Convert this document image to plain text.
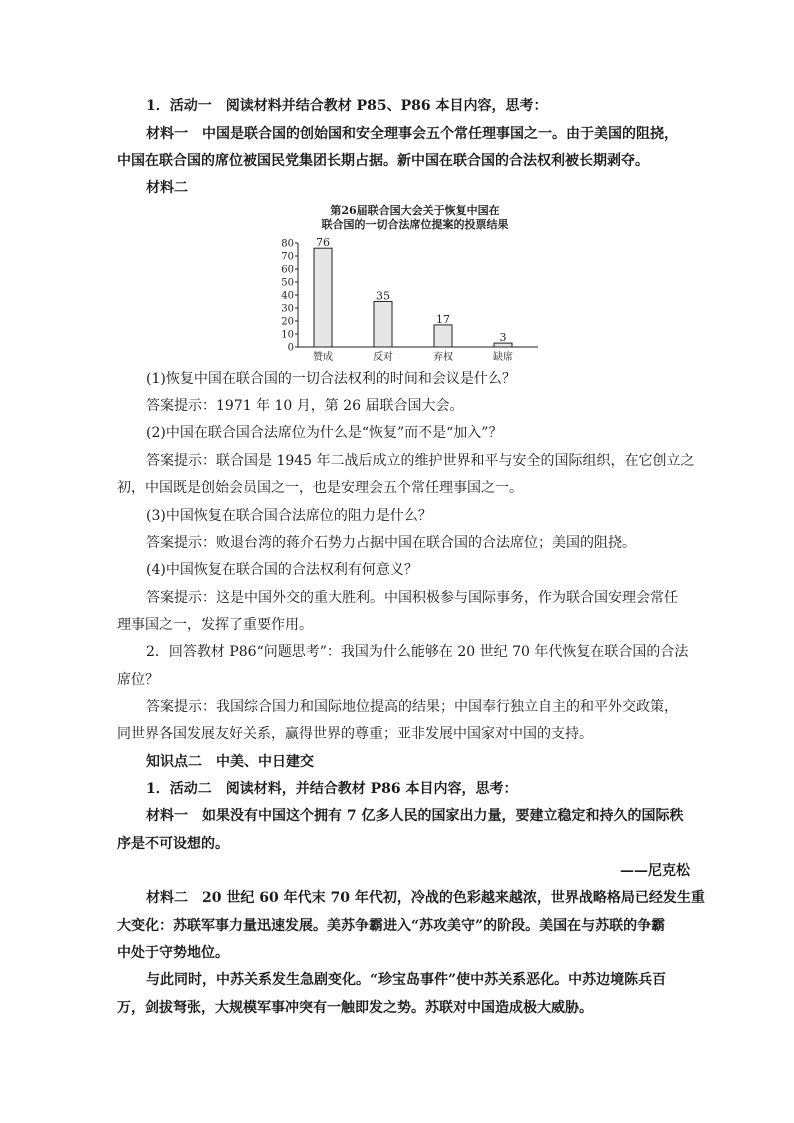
1．活动一　阅读材料并结合教材 P85、P86 本目内容，思考：
材料一　中国是联合国的创始国和安全理事会五个常任理事国之一。由于美国的阻挠，
中国在联合国的席位被国民党集团长期占据。新中国在联合国的合法权利被长期剥夺。
材料二
第26届联合国大会关于恢复中国在
联合国的一切合法席位提案的投票结果
0
10
20
30
40
50
60
70
80 76
35
17
3
赞成	反对	弃权	缺席
(1)恢复中国在联合国的一切合法权利的时间和会议是什么？
答案提示：1971 年 10 月，第 26 届联合国大会。
(2)中国在联合国合法席位为什么是“恢复”而不是“加入”？
答案提示：联合国是 1945 年二战后成立的维护世界和平与安全的国际组织，在它创立之
初，中国既是创始会员国之一，也是安理会五个常任理事国之一。
(3)中国恢复在联合国合法席位的阻力是什么？
答案提示：败退台湾的蒋介石势力占据中国在联合国的合法席位；美国的阻挠。
(4)中国恢复在联合国的合法权利有何意义？
答案提示：这是中国外交的重大胜利。中国积极参与国际事务，作为联合国安理会常任
理事国之一，发挥了重要作用。
2．回答教材 P86“问题思考”：我国为什么能够在 20 世纪 70 年代恢复在联合国的合法
席位？
答案提示：我国综合国力和国际地位提高的结果；中国奉行独立自主的和平外交政策，
同世界各国发展友好关系，赢得世界的尊重；亚非发展中国家对中国的支持。
知识点二　中美、中日建交
1．活动二　阅读材料，并结合教材 P86 本目内容，思考：
材料一　如果没有中国这个拥有 7 亿多人民的国家出力量，要建立稳定和持久的国际秩
序是不可设想的。
——尼克松
材料二　20 世纪 60 年代末 70 年代初，冷战的色彩越来越浓，世界战略格局已经发生重
大变化：苏联军事力量迅速发展。美苏争霸进入“苏攻美守”的阶段。美国在与苏联的争霸
中处于守势地位。
与此同时，中苏关系发生急剧变化。“珍宝岛事件”使中苏关系恶化。中苏边境陈兵百
万，剑拔弩张，大规模军事冲突有一触即发之势。苏联对中国造成极大威胁。
